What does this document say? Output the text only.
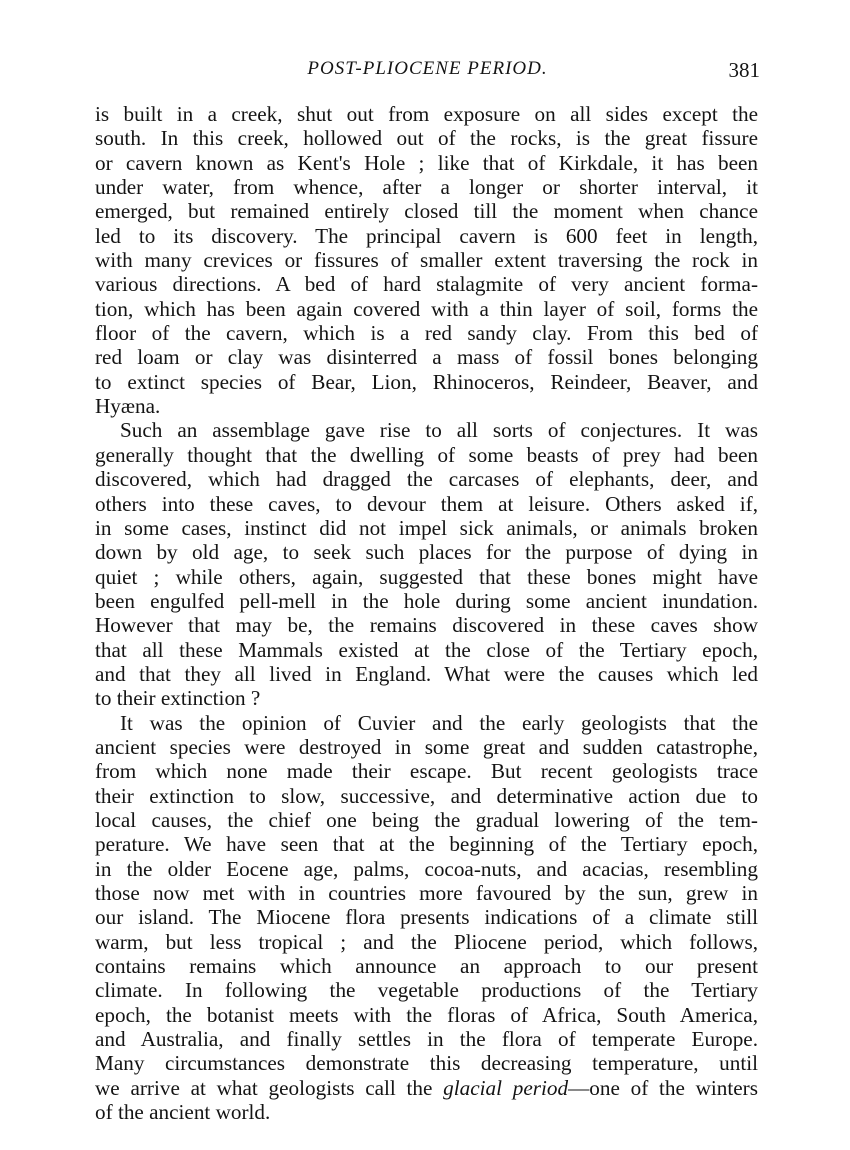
POST-PLIOCENE PERIOD.	381
is built in a creek, shut out from exposure on all sides except the
south. In this creek, hollowed out of the rocks, is the great fissure
or cavern known as Kent's Hole ; like that of Kirkdale, it has been
under water, from whence, after a longer or shorter interval, it
emerged, but remained entirely closed till the moment when chance
led to its discovery. The principal cavern is 600 feet in length,
with many crevices or fissures of smaller extent traversing the rock in
various directions. A bed of hard stalagmite of very ancient forma-
tion, which has been again covered with a thin layer of soil, forms the
floor of the cavern, which is a red sandy clay. From this bed of
red loam or clay was disinterred a mass of fossil bones belonging
to extinct species of Bear, Lion, Rhinoceros, Reindeer, Beaver, and
Hyæna.
Such an assemblage gave rise to all sorts of conjectures. It was
generally thought that the dwelling of some beasts of prey had been
discovered, which had dragged the carcases of elephants, deer, and
others into these caves, to devour them at leisure. Others asked if,
in some cases, instinct did not impel sick animals, or animals broken
down by old age, to seek such places for the purpose of dying in
quiet ; while others, again, suggested that these bones might have
been engulfed pell-mell in the hole during some ancient inundation.
However that may be, the remains discovered in these caves show
that all these Mammals existed at the close of the Tertiary epoch,
and that they all lived in England. What were the causes which led
to their extinction ?
It was the opinion of Cuvier and the early geologists that the
ancient species were destroyed in some great and sudden catastrophe,
from which none made their escape. But recent geologists trace
their extinction to slow, successive, and determinative action due to
local causes, the chief one being the gradual lowering of the tem-
perature. We have seen that at the beginning of the Tertiary epoch,
in the older Eocene age, palms, cocoa-nuts, and acacias, resembling
those now met with in countries more favoured by the sun, grew in
our island. The Miocene flora presents indications of a climate still
warm, but less tropical ; and the Pliocene period, which follows,
contains remains which announce an approach to our present
climate. In following the vegetable productions of the Tertiary
epoch, the botanist meets with the floras of Africa, South America,
and Australia, and finally settles in the flora of temperate Europe.
Many circumstances demonstrate this decreasing temperature, until
we arrive at what geologists call the glacial period—one of the winters
of the ancient world.
